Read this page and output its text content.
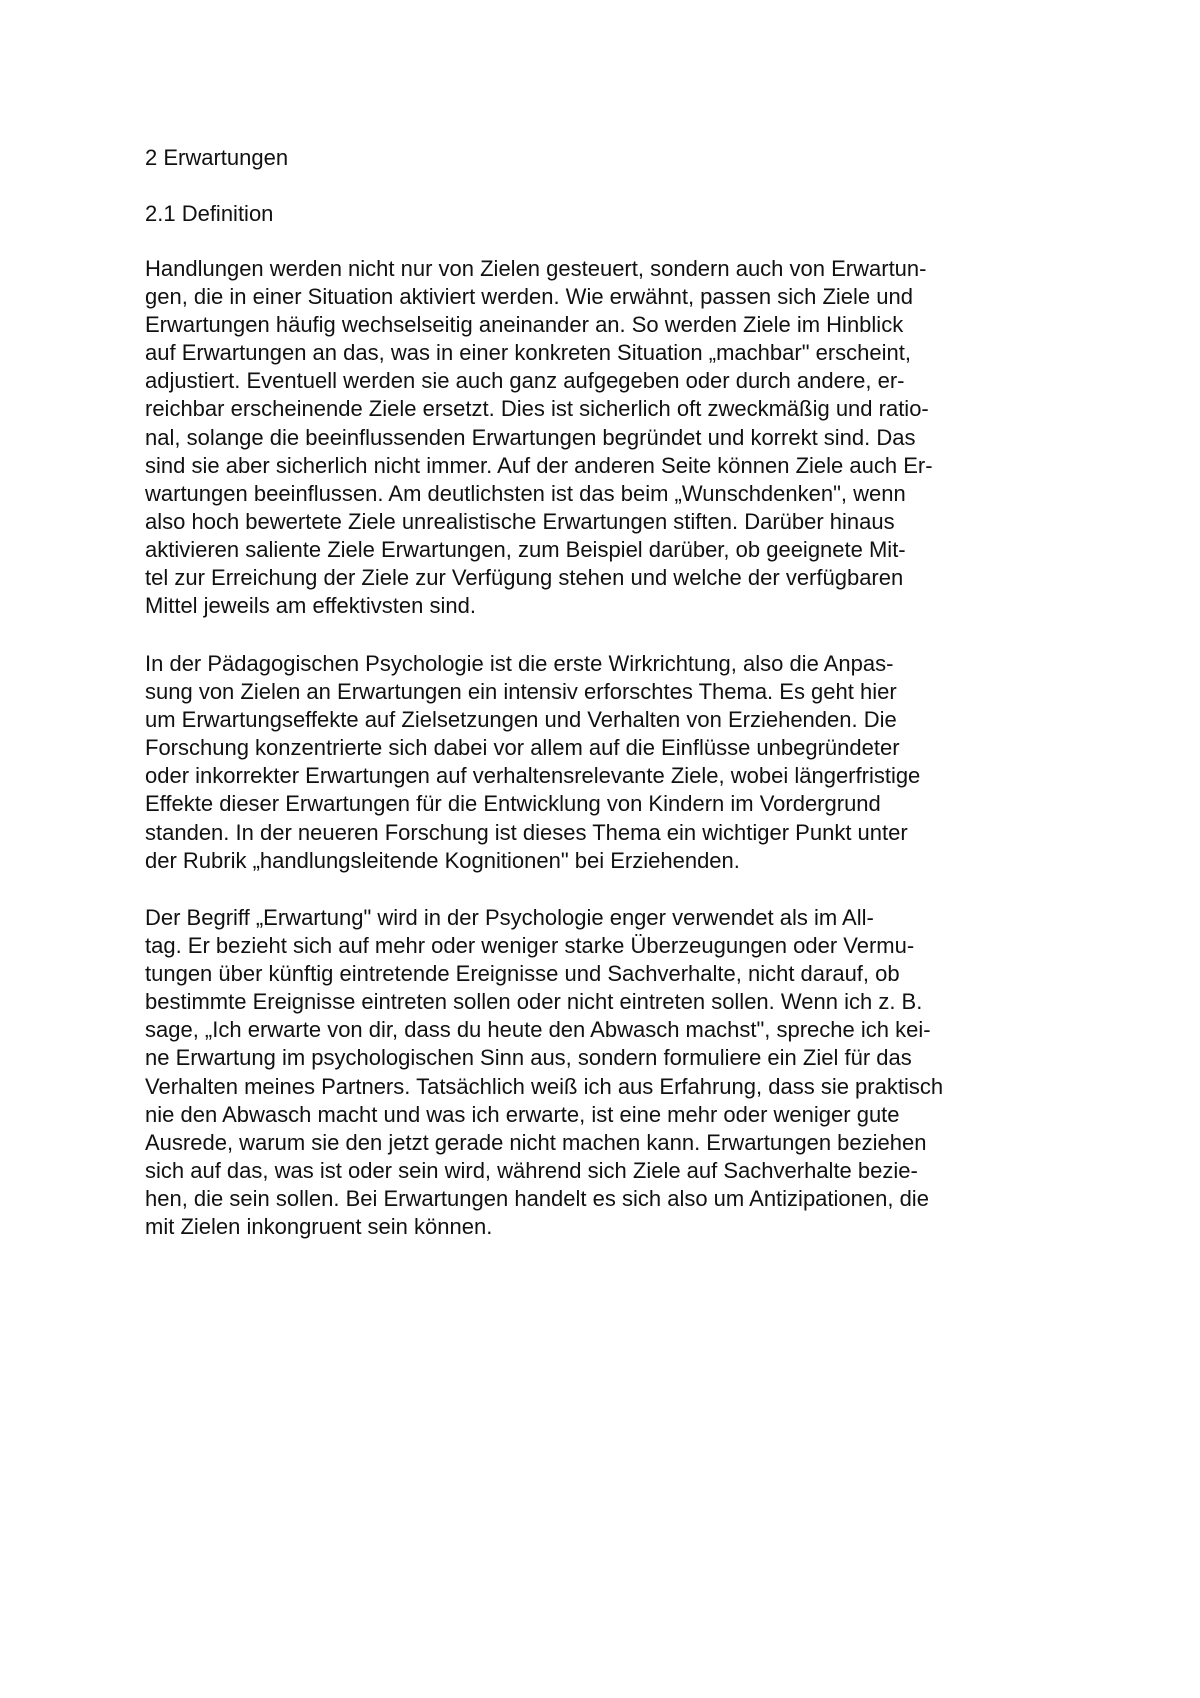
2 Erwartungen
2.1 Definition

Handlungen werden nicht nur von Zielen gesteuert, sondern auch von Erwartun-
gen, die in einer Situation aktiviert werden. Wie erwähnt, passen sich Ziele und
Erwartungen häufig wechselseitig aneinander an. So werden Ziele im Hinblick
auf Erwartungen an das, was in einer konkreten Situation „machbar" erscheint,
adjustiert. Eventuell werden sie auch ganz aufgegeben oder durch andere, er-
reichbar erscheinende Ziele ersetzt. Dies ist sicherlich oft zweckmäßig und ratio-
nal, solange die beeinflussenden Erwartungen begründet und korrekt sind. Das
sind sie aber sicherlich nicht immer. Auf der anderen Seite können Ziele auch Er-
wartungen beeinflussen. Am deutlichsten ist das beim „Wunschdenken", wenn
also hoch bewertete Ziele unrealistische Erwartungen stiften. Darüber hinaus
aktivieren saliente Ziele Erwartungen, zum Beispiel darüber, ob geeignete Mit-
tel zur Erreichung der Ziele zur Verfügung stehen und welche der verfügbaren
Mittel jeweils am effektivsten sind.

In der Pädagogischen Psychologie ist die erste Wirkrichtung, also die Anpas-
sung von Zielen an Erwartungen ein intensiv erforschtes Thema. Es geht hier
um Erwartungseffekte auf Zielsetzungen und Verhalten von Erziehenden. Die
Forschung konzentrierte sich dabei vor allem auf die Einflüsse unbegründeter
oder inkorrekter Erwartungen auf verhaltensrelevante Ziele, wobei längerfristige
Effekte dieser Erwartungen für die Entwicklung von Kindern im Vordergrund
standen. In der neueren Forschung ist dieses Thema ein wichtiger Punkt unter
der Rubrik „handlungsleitende Kognitionen" bei Erziehenden.

Der Begriff „Erwartung" wird in der Psychologie enger verwendet als im All-
tag. Er bezieht sich auf mehr oder weniger starke Überzeugungen oder Vermu-
tungen über künftig eintretende Ereignisse und Sachverhalte, nicht darauf, ob
bestimmte Ereignisse eintreten sollen oder nicht eintreten sollen. Wenn ich z. B.
sage, „Ich erwarte von dir, dass du heute den Abwasch machst", spreche ich kei-
ne Erwartung im psychologischen Sinn aus, sondern formuliere ein Ziel für das
Verhalten meines Partners. Tatsächlich weiß ich aus Erfahrung, dass sie praktisch
nie den Abwasch macht und was ich erwarte, ist eine mehr oder weniger gute
Ausrede, warum sie den jetzt gerade nicht machen kann. Erwartungen beziehen
sich auf das, was ist oder sein wird, während sich Ziele auf Sachverhalte bezie-
hen, die sein sollen. Bei Erwartungen handelt es sich also um Antizipationen, die
mit Zielen inkongruent sein können.
